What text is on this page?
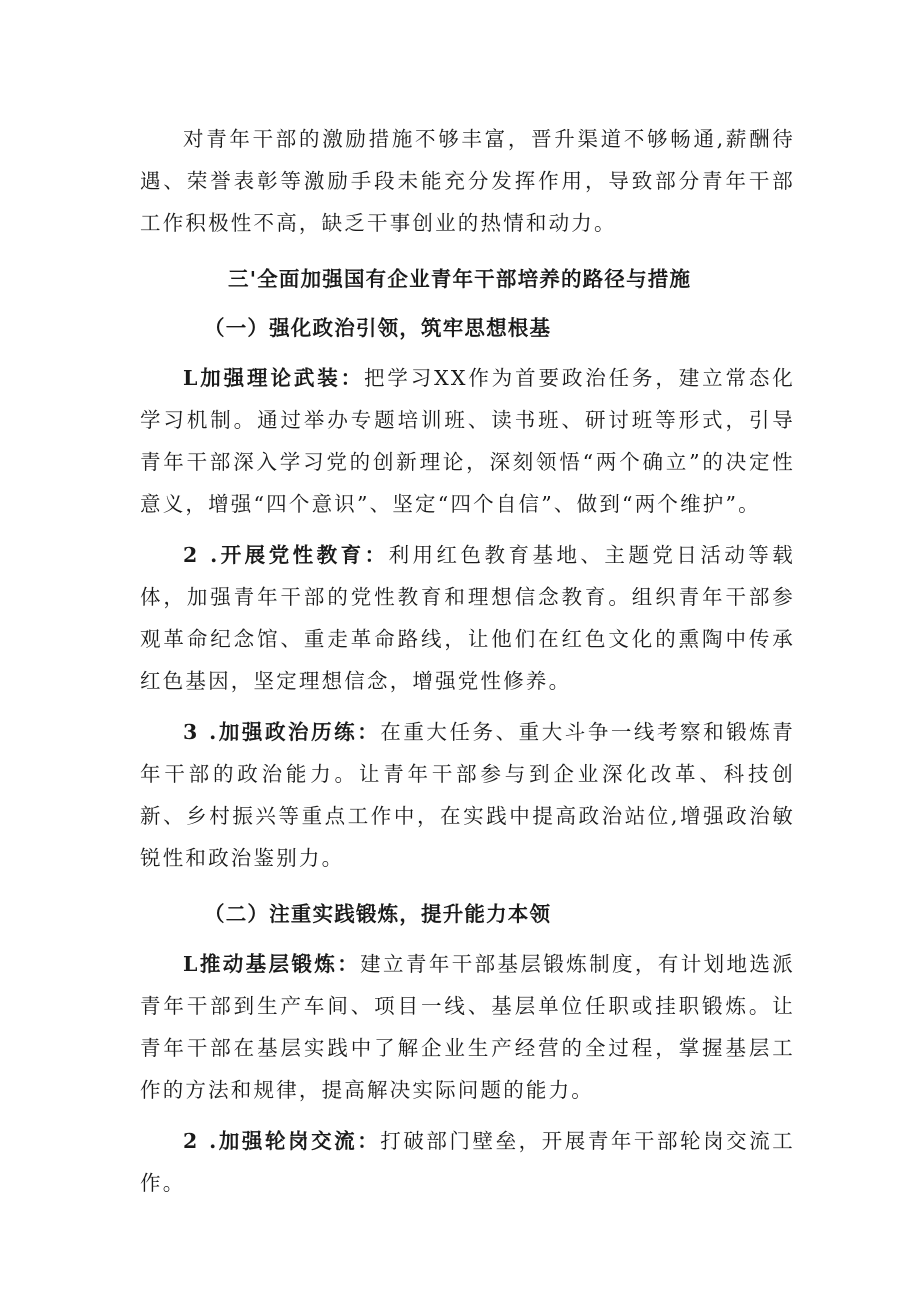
对青年干部的激励措施不够丰富，晋升渠道不够畅通,薪酬待遇、荣誉表彰等激励手段未能充分发挥作用，导致部分青年干部工作积极性不高，缺乏干事创业的热情和动力。

三'全面加强国有企业青年干部培养的路径与措施

（一）强化政治引领，筑牢思想根基

L加强理论武装：把学习XX作为首要政治任务，建立常态化学习机制。通过举办专题培训班、读书班、研讨班等形式，引导青年干部深入学习党的创新理论，深刻领悟“两个确立”的决定性意义，增强“四个意识”、坚定“四个自信”、做到“两个维护”。

2 .开展党性教育：利用红色教育基地、主题党日活动等载体，加强青年干部的党性教育和理想信念教育。组织青年干部参观革命纪念馆、重走革命路线，让他们在红色文化的熏陶中传承红色基因，坚定理想信念，增强党性修养。

3 .加强政治历练：在重大任务、重大斗争一线考察和锻炼青年干部的政治能力。让青年干部参与到企业深化改革、科技创新、乡村振兴等重点工作中，在实践中提高政治站位,增强政治敏锐性和政治鉴别力。

（二）注重实践锻炼，提升能力本领

L推动基层锻炼：建立青年干部基层锻炼制度，有计划地选派青年干部到生产车间、项目一线、基层单位任职或挂职锻炼。让青年干部在基层实践中了解企业生产经营的全过程，掌握基层工作的方法和规律，提高解决实际问题的能力。

2 .加强轮岗交流：打破部门壁垒，开展青年干部轮岗交流工作。
